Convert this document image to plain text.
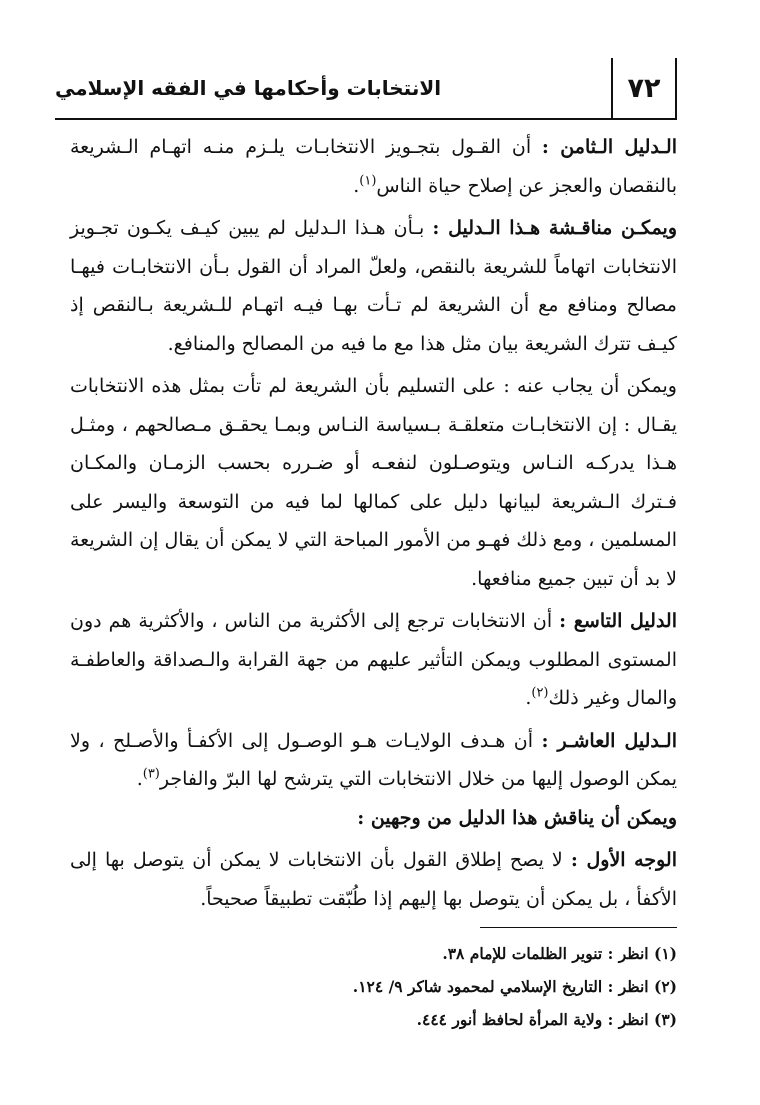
٧٢
الانتخابات وأحكامها في الفقه الإسلامي

الـدليل الـثامن : أن القـول بتجـويز الانتخابـات يلـزم منـه اتهـام الـشريعة بالنقصان والعجز عن إصلاح حياة الناس$^{(١)}$.

ويمكـن مناقـشة هـذا الـدليل : بـأن هـذا الـدليل لم يبين كيـف يكـون تجـويز الانتخابات اتهاماً للشريعة بالنقص، ولعلّ المراد أن القول بـأن الانتخابـات فيهـا مصالح ومنافع مع أن الشريعة لم تـأت بهـا فيـه اتهـام للـشريعة بـالنقص إذ كيـف تترك الشريعة بيان مثل هذا مع ما فيه من المصالح والمنافع.

ويمكن أن يجاب عنه : على التسليم بأن الشريعة لم تأت بمثل هذه الانتخابات يقـال : إن الانتخابـات متعلقـة بـسياسة النـاس وبمـا يحقـق مـصالحهم ، ومثـل هـذا يدركـه النـاس ويتوصـلون لنفعـه أو ضـرره بحسب الزمـان والمكـان فـترك الـشريعة لبيانها دليل على كمالها لما فيه من التوسعة واليسر على المسلمين ، ومع ذلك فهـو من الأمور المباحة التي لا يمكن أن يقال إن الشريعة لا بد أن تبين جميع منافعها.

الدليل التاسع : أن الانتخابات ترجع إلى الأكثرية من الناس ، والأكثرية هم دون المستوى المطلوب ويمكن التأثير عليهم من جهة القرابة والـصداقة والعاطفـة والمال وغير ذلك$^{(٢)}$.

الـدليل العاشـر : أن هـدف الولايـات هـو الوصـول إلى الأكفـأ والأصـلح ، ولا يمكن الوصول إليها من خلال الانتخابات التي يترشح لها البرّ والفاجر$^{(٣)}$.

ويمكن أن يناقش هذا الدليل من وجهين :

الوجه الأول : لا يصح إطلاق القول بأن الانتخابات لا يمكن أن يتوصل بها إلى الأكفأ ، بل يمكن أن يتوصل بها إليهم إذا طُبّقت تطبيقاً صحيحاً.

(١) انظر : تنوير الظلمات للإمام ٣٨.

(٢) انظر : التاريخ الإسلامي لمحمود شاكر ٩/ ١٢٤.

(٣) انظر : ولاية المرأة لحافظ أنور ٤٤٤.
